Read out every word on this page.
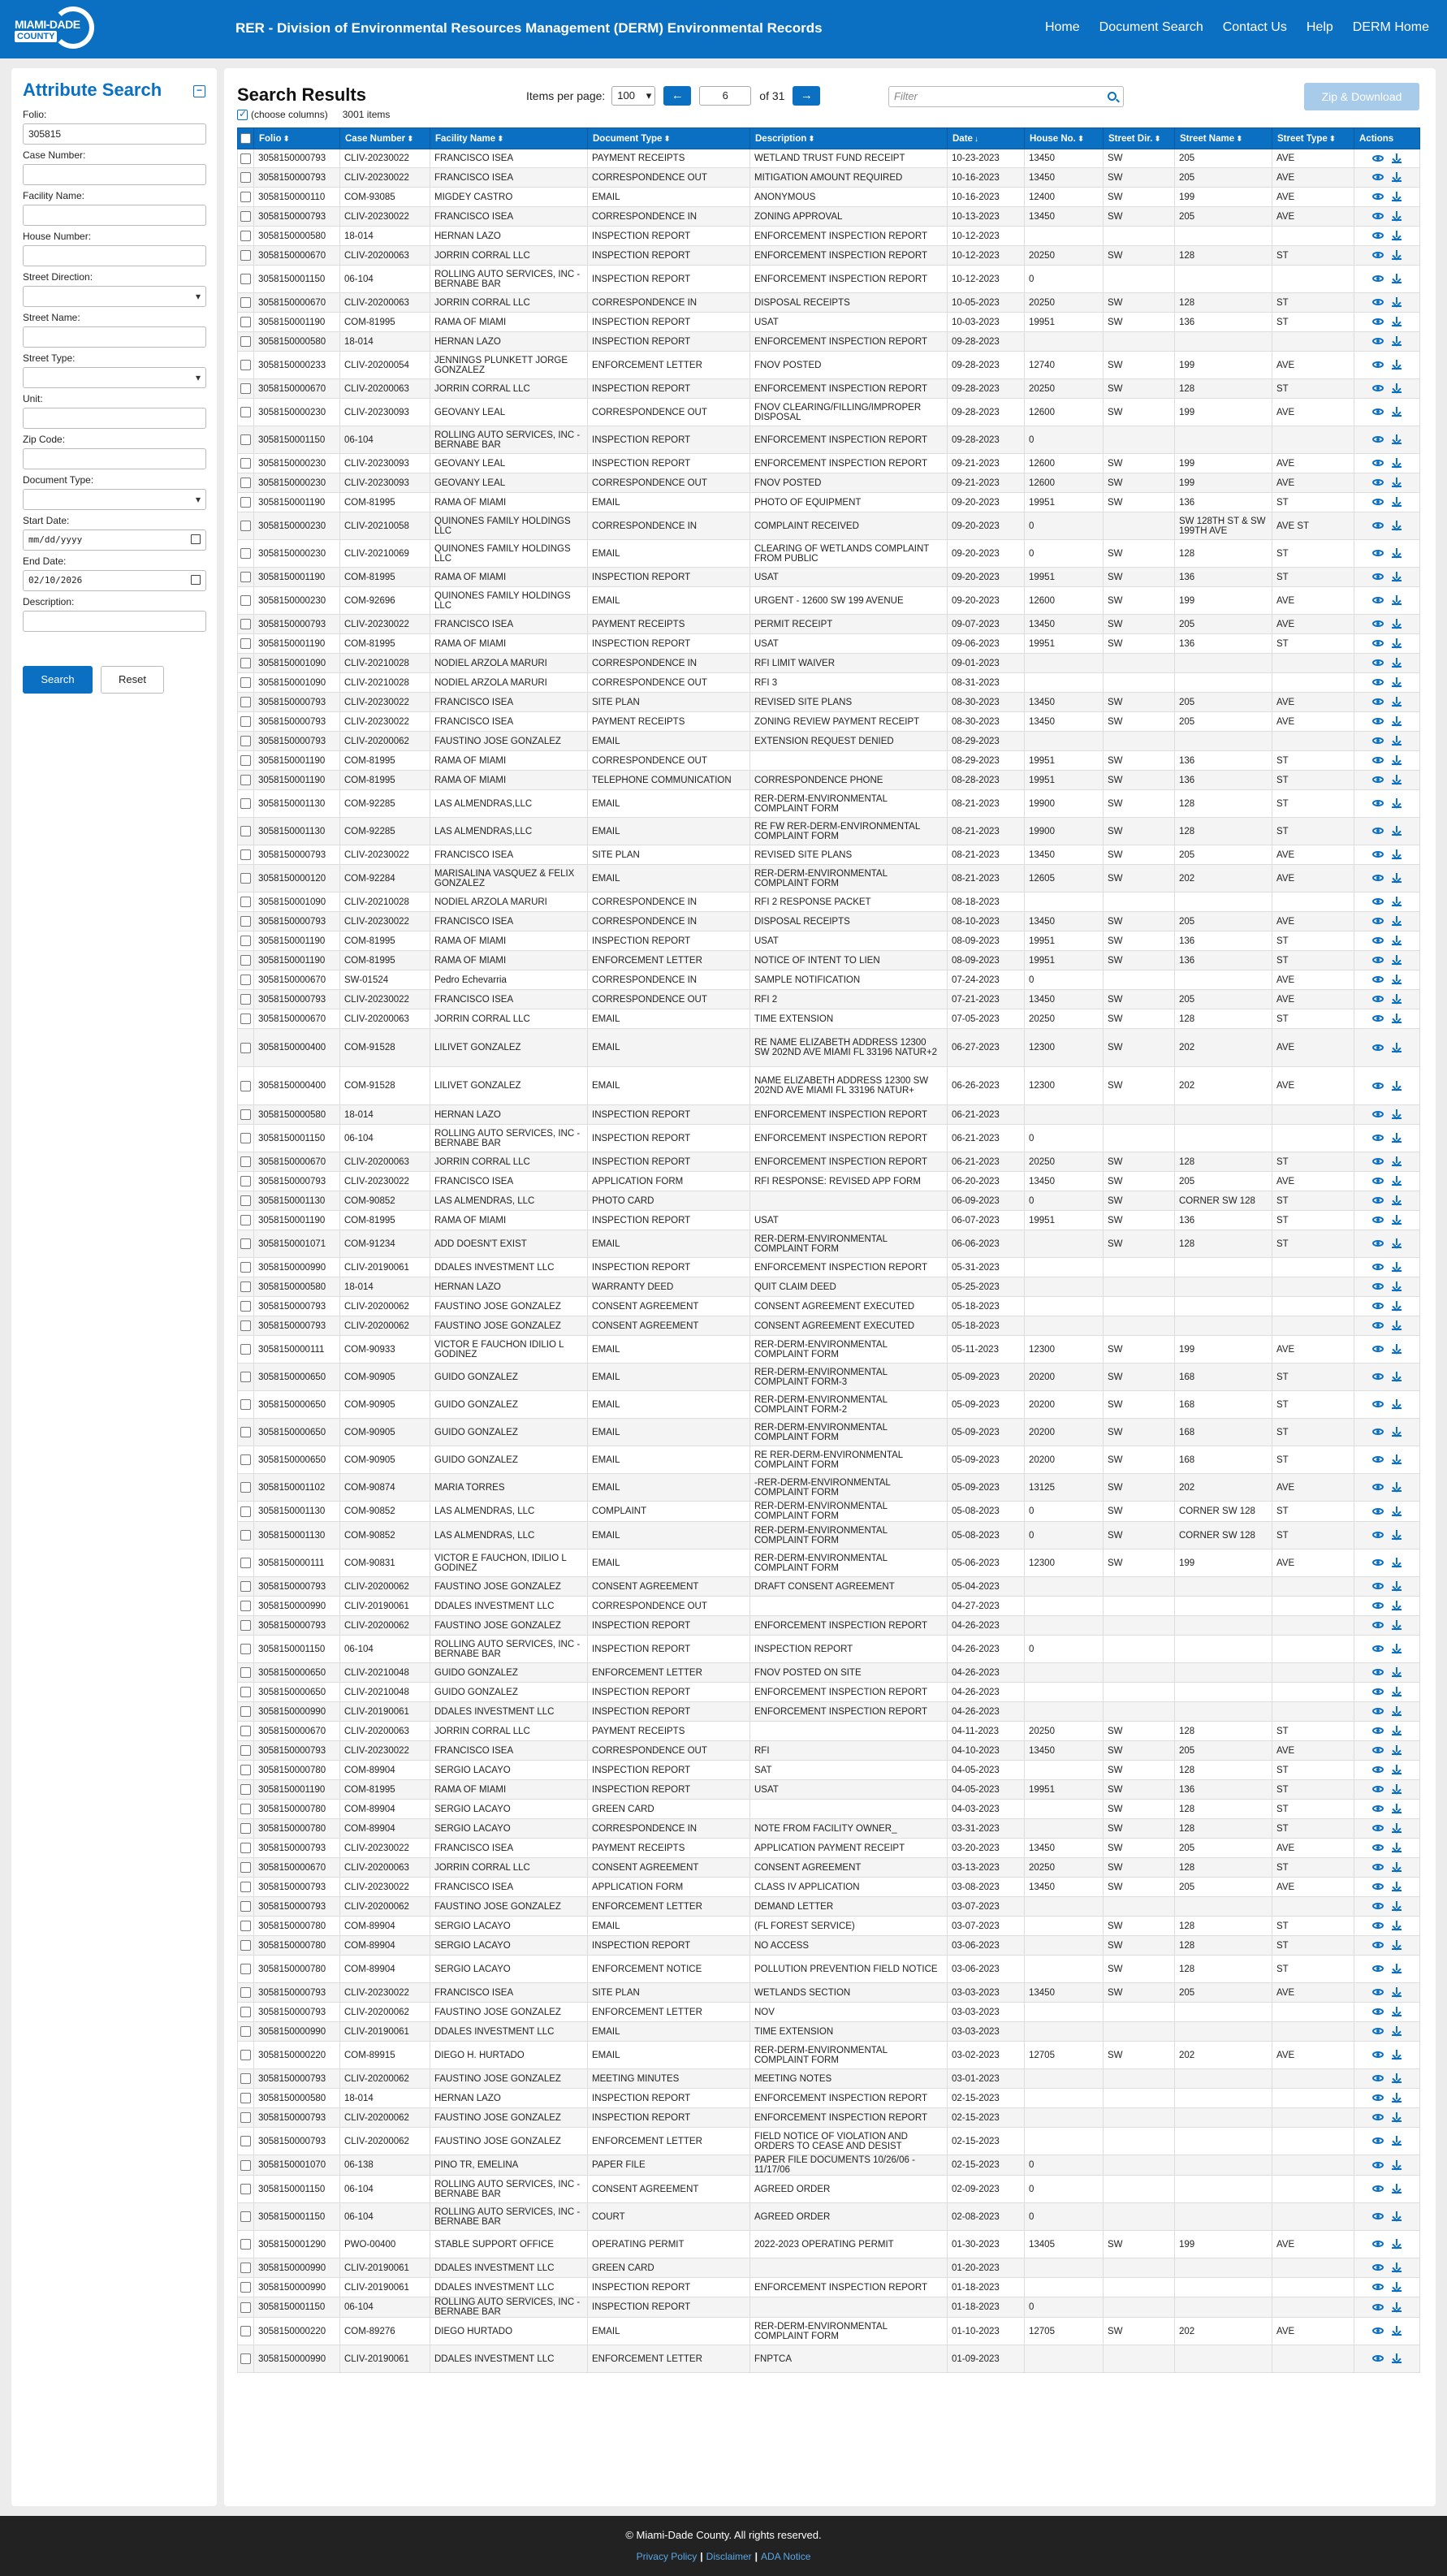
MIAMI-DADE
COUNTY
RER - Division of Environmental Resources Management (DERM) Environmental Records	Home Document Search Contact Us Help DERM Home
Attribute Search	−
Folio:
305815
Case Number:
Facility Name:
House Number:
Street Direction:
▾
Street Name:
Street Type:
▾
Unit:
Zip Code:
Document Type:
▾
Start Date:
mm/dd/yyyy
End Date:
02/10/2026
Description:
Search	Reset
Search Results
✓
(choose columns) 3001 items
Items per page:	100 ▾	←	6	of 31	→	Filter	Zip & Download
	Folio ⬍	Case Number ⬍	Facility Name ⬍	Document Type ⬍	Description ⬍	Date ↓	House No. ⬍	Street Dir. ⬍	Street Name ⬍	Street Type ⬍	Actions
	3058150000793	CLIV-20230022	FRANCISCO ISEA	PAYMENT RECEIPTS	WETLAND TRUST FUND RECEIPT	10-23-2023	13450	SW	205	AVE	

	3058150000793	CLIV-20230022	FRANCISCO ISEA	CORRESPONDENCE OUT	MITIGATION AMOUNT REQUIRED	10-16-2023	13450	SW	205	AVE	

	3058150000110	COM-93085	MIGDEY CASTRO	EMAIL	ANONYMOUS	10-16-2023	12400	SW	199	AVE	

	3058150000793	CLIV-20230022	FRANCISCO ISEA	CORRESPONDENCE IN	ZONING APPROVAL	10-13-2023	13450	SW	205	AVE	

	3058150000580	18-014	HERNAN LAZO	INSPECTION REPORT	ENFORCEMENT INSPECTION REPORT	10-12-2023					

	3058150000670	CLIV-20200063	JORRIN CORRAL LLC	INSPECTION REPORT	ENFORCEMENT INSPECTION REPORT	10-12-2023	20250	SW	128	ST	

	3058150001150	06-104	ROLLING AUTO SERVICES, INC - BERNABE BAR	INSPECTION REPORT	ENFORCEMENT INSPECTION REPORT	10-12-2023	0				

	3058150000670	CLIV-20200063	JORRIN CORRAL LLC	CORRESPONDENCE IN	DISPOSAL RECEIPTS	10-05-2023	20250	SW	128	ST	

	3058150001190	COM-81995	RAMA OF MIAMI	INSPECTION REPORT	USAT	10-03-2023	19951	SW	136	ST	

	3058150000580	18-014	HERNAN LAZO	INSPECTION REPORT	ENFORCEMENT INSPECTION REPORT	09-28-2023					

	3058150000233	CLIV-20200054	JENNINGS PLUNKETT JORGE GONZALEZ	ENFORCEMENT LETTER	FNOV POSTED	09-28-2023	12740	SW	199	AVE	

	3058150000670	CLIV-20200063	JORRIN CORRAL LLC	INSPECTION REPORT	ENFORCEMENT INSPECTION REPORT	09-28-2023	20250	SW	128	ST	

	3058150000230	CLIV-20230093	GEOVANY LEAL	CORRESPONDENCE OUT	FNOV CLEARING/FILLING/IMPROPER DISPOSAL	09-28-2023	12600	SW	199	AVE	

	3058150001150	06-104	ROLLING AUTO SERVICES, INC - BERNABE BAR	INSPECTION REPORT	ENFORCEMENT INSPECTION REPORT	09-28-2023	0				

	3058150000230	CLIV-20230093	GEOVANY LEAL	INSPECTION REPORT	ENFORCEMENT INSPECTION REPORT	09-21-2023	12600	SW	199	AVE	

	3058150000230	CLIV-20230093	GEOVANY LEAL	CORRESPONDENCE OUT	FNOV POSTED	09-21-2023	12600	SW	199	AVE	

	3058150001190	COM-81995	RAMA OF MIAMI	EMAIL	PHOTO OF EQUIPMENT	09-20-2023	19951	SW	136	ST	

	3058150000230	CLIV-20210058	QUINONES FAMILY HOLDINGS LLC	CORRESPONDENCE IN	COMPLAINT RECEIVED	09-20-2023	0		SW 128TH ST & SW 199TH AVE	AVE ST	

	3058150000230	CLIV-20210069	QUINONES FAMILY HOLDINGS LLC	EMAIL	CLEARING OF WETLANDS COMPLAINT FROM PUBLIC	09-20-2023	0	SW	128	ST	

	3058150001190	COM-81995	RAMA OF MIAMI	INSPECTION REPORT	USAT	09-20-2023	19951	SW	136	ST	

	3058150000230	COM-92696	QUINONES FAMILY HOLDINGS LLC	EMAIL	URGENT - 12600 SW 199 AVENUE	09-20-2023	12600	SW	199	AVE	

	3058150000793	CLIV-20230022	FRANCISCO ISEA	PAYMENT RECEIPTS	PERMIT RECEIPT	09-07-2023	13450	SW	205	AVE	

	3058150001190	COM-81995	RAMA OF MIAMI	INSPECTION REPORT	USAT	09-06-2023	19951	SW	136	ST	

	3058150001090	CLIV-20210028	NODIEL ARZOLA MARURI	CORRESPONDENCE IN	RFI LIMIT WAIVER	09-01-2023					

	3058150001090	CLIV-20210028	NODIEL ARZOLA MARURI	CORRESPONDENCE OUT	RFI 3	08-31-2023					

	3058150000793	CLIV-20230022	FRANCISCO ISEA	SITE PLAN	REVISED SITE PLANS	08-30-2023	13450	SW	205	AVE	

	3058150000793	CLIV-20230022	FRANCISCO ISEA	PAYMENT RECEIPTS	ZONING REVIEW PAYMENT RECEIPT	08-30-2023	13450	SW	205	AVE	

	3058150000793	CLIV-20200062	FAUSTINO JOSE GONZALEZ	EMAIL	EXTENSION REQUEST DENIED	08-29-2023					

	3058150001190	COM-81995	RAMA OF MIAMI	CORRESPONDENCE OUT		08-29-2023	19951	SW	136	ST	

	3058150001190	COM-81995	RAMA OF MIAMI	TELEPHONE COMMUNICATION	CORRESPONDENCE PHONE	08-28-2023	19951	SW	136	ST	

	3058150001130	COM-92285	LAS ALMENDRAS,LLC	EMAIL	RER-DERM-ENVIRONMENTAL COMPLAINT FORM	08-21-2023	19900	SW	128	ST	

	3058150001130	COM-92285	LAS ALMENDRAS,LLC	EMAIL	RE FW RER-DERM-ENVIRONMENTAL COMPLAINT FORM	08-21-2023	19900	SW	128	ST	

	3058150000793	CLIV-20230022	FRANCISCO ISEA	SITE PLAN	REVISED SITE PLANS	08-21-2023	13450	SW	205	AVE	

	3058150000120	COM-92284	MARISALINA VASQUEZ & FELIX GONZALEZ	EMAIL	RER-DERM-ENVIRONMENTAL COMPLAINT FORM	08-21-2023	12605	SW	202	AVE	

	3058150001090	CLIV-20210028	NODIEL ARZOLA MARURI	CORRESPONDENCE IN	RFI 2 RESPONSE PACKET	08-18-2023					

	3058150000793	CLIV-20230022	FRANCISCO ISEA	CORRESPONDENCE IN	DISPOSAL RECEIPTS	08-10-2023	13450	SW	205	AVE	

	3058150001190	COM-81995	RAMA OF MIAMI	INSPECTION REPORT	USAT	08-09-2023	19951	SW	136	ST	

	3058150001190	COM-81995	RAMA OF MIAMI	ENFORCEMENT LETTER	NOTICE OF INTENT TO LIEN	08-09-2023	19951	SW	136	ST	

	3058150000670	SW-01524	Pedro Echevarria	CORRESPONDENCE IN	SAMPLE NOTIFICATION	07-24-2023	0			AVE	

	3058150000793	CLIV-20230022	FRANCISCO ISEA	CORRESPONDENCE OUT	RFI 2	07-21-2023	13450	SW	205	AVE	

	3058150000670	CLIV-20200063	JORRIN CORRAL LLC	EMAIL	TIME EXTENSION	07-05-2023	20250	SW	128	ST	

	3058150000400	COM-91528	LILIVET GONZALEZ	EMAIL	RE NAME ELIZABETH ADDRESS 12300 SW 202ND AVE MIAMI FL 33196 NATUR+2	06-27-2023	12300	SW	202	AVE	

	3058150000400	COM-91528	LILIVET GONZALEZ	EMAIL	NAME ELIZABETH ADDRESS 12300 SW 202ND AVE MIAMI FL 33196 NATUR+	06-26-2023	12300	SW	202	AVE	

	3058150000580	18-014	HERNAN LAZO	INSPECTION REPORT	ENFORCEMENT INSPECTION REPORT	06-21-2023					

	3058150001150	06-104	ROLLING AUTO SERVICES, INC - BERNABE BAR	INSPECTION REPORT	ENFORCEMENT INSPECTION REPORT	06-21-2023	0				

	3058150000670	CLIV-20200063	JORRIN CORRAL LLC	INSPECTION REPORT	ENFORCEMENT INSPECTION REPORT	06-21-2023	20250	SW	128	ST	

	3058150000793	CLIV-20230022	FRANCISCO ISEA	APPLICATION FORM	RFI RESPONSE: REVISED APP FORM	06-20-2023	13450	SW	205	AVE	

	3058150001130	COM-90852	LAS ALMENDRAS, LLC	PHOTO CARD		06-09-2023	0	SW	CORNER SW 128	ST	

	3058150001190	COM-81995	RAMA OF MIAMI	INSPECTION REPORT	USAT	06-07-2023	19951	SW	136	ST	

	3058150001071	COM-91234	ADD DOESN'T EXIST	EMAIL	RER-DERM-ENVIRONMENTAL COMPLAINT FORM	06-06-2023		SW	128	ST	

	3058150000990	CLIV-20190061	DDALES INVESTMENT LLC	INSPECTION REPORT	ENFORCEMENT INSPECTION REPORT	05-31-2023					

	3058150000580	18-014	HERNAN LAZO	WARRANTY DEED	QUIT CLAIM DEED	05-25-2023					

	3058150000793	CLIV-20200062	FAUSTINO JOSE GONZALEZ	CONSENT AGREEMENT	CONSENT AGREEMENT EXECUTED	05-18-2023					

	3058150000793	CLIV-20200062	FAUSTINO JOSE GONZALEZ	CONSENT AGREEMENT	CONSENT AGREEMENT EXECUTED	05-18-2023					

	3058150000111	COM-90933	VICTOR E FAUCHON IDILIO L GODINEZ	EMAIL	RER-DERM-ENVIRONMENTAL COMPLAINT FORM	05-11-2023	12300	SW	199	AVE	

	3058150000650	COM-90905	GUIDO GONZALEZ	EMAIL	RER-DERM-ENVIRONMENTAL COMPLAINT FORM-3	05-09-2023	20200	SW	168	ST	

	3058150000650	COM-90905	GUIDO GONZALEZ	EMAIL	RER-DERM-ENVIRONMENTAL COMPLAINT FORM-2	05-09-2023	20200	SW	168	ST	

	3058150000650	COM-90905	GUIDO GONZALEZ	EMAIL	RER-DERM-ENVIRONMENTAL COMPLAINT FORM	05-09-2023	20200	SW	168	ST	

	3058150000650	COM-90905	GUIDO GONZALEZ	EMAIL	RE RER-DERM-ENVIRONMENTAL COMPLAINT FORM	05-09-2023	20200	SW	168	ST	

	3058150001102	COM-90874	MARIA TORRES	EMAIL	-RER-DERM-ENVIRONMENTAL COMPLAINT FORM	05-09-2023	13125	SW	202	AVE	

	3058150001130	COM-90852	LAS ALMENDRAS, LLC	COMPLAINT	RER-DERM-ENVIRONMENTAL COMPLAINT FORM	05-08-2023	0	SW	CORNER SW 128	ST	

	3058150001130	COM-90852	LAS ALMENDRAS, LLC	EMAIL	RER-DERM-ENVIRONMENTAL COMPLAINT FORM	05-08-2023	0	SW	CORNER SW 128	ST	

	3058150000111	COM-90831	VICTOR E FAUCHON, IDILIO L GODINEZ	EMAIL	RER-DERM-ENVIRONMENTAL COMPLAINT FORM	05-06-2023	12300	SW	199	AVE	

	3058150000793	CLIV-20200062	FAUSTINO JOSE GONZALEZ	CONSENT AGREEMENT	DRAFT CONSENT AGREEMENT	05-04-2023					

	3058150000990	CLIV-20190061	DDALES INVESTMENT LLC	CORRESPONDENCE OUT		04-27-2023					

	3058150000793	CLIV-20200062	FAUSTINO JOSE GONZALEZ	INSPECTION REPORT	ENFORCEMENT INSPECTION REPORT	04-26-2023					

	3058150001150	06-104	ROLLING AUTO SERVICES, INC - BERNABE BAR	INSPECTION REPORT	INSPECTION REPORT	04-26-2023	0				

	3058150000650	CLIV-20210048	GUIDO GONZALEZ	ENFORCEMENT LETTER	FNOV POSTED ON SITE	04-26-2023					

	3058150000650	CLIV-20210048	GUIDO GONZALEZ	INSPECTION REPORT	ENFORCEMENT INSPECTION REPORT	04-26-2023					

	3058150000990	CLIV-20190061	DDALES INVESTMENT LLC	INSPECTION REPORT	ENFORCEMENT INSPECTION REPORT	04-26-2023					

	3058150000670	CLIV-20200063	JORRIN CORRAL LLC	PAYMENT RECEIPTS		04-11-2023	20250	SW	128	ST	

	3058150000793	CLIV-20230022	FRANCISCO ISEA	CORRESPONDENCE OUT	RFI	04-10-2023	13450	SW	205	AVE	

	3058150000780	COM-89904	SERGIO LACAYO	INSPECTION REPORT	SAT	04-05-2023		SW	128	ST	

	3058150001190	COM-81995	RAMA OF MIAMI	INSPECTION REPORT	USAT	04-05-2023	19951	SW	136	ST	

	3058150000780	COM-89904	SERGIO LACAYO	GREEN CARD		04-03-2023		SW	128	ST	

	3058150000780	COM-89904	SERGIO LACAYO	CORRESPONDENCE IN	NOTE FROM FACILITY OWNER_	03-31-2023		SW	128	ST	

	3058150000793	CLIV-20230022	FRANCISCO ISEA	PAYMENT RECEIPTS	APPLICATION PAYMENT RECEIPT	03-20-2023	13450	SW	205	AVE	

	3058150000670	CLIV-20200063	JORRIN CORRAL LLC	CONSENT AGREEMENT	CONSENT AGREEMENT	03-13-2023	20250	SW	128	ST	

	3058150000793	CLIV-20230022	FRANCISCO ISEA	APPLICATION FORM	CLASS IV APPLICATION	03-08-2023	13450	SW	205	AVE	

	3058150000793	CLIV-20200062	FAUSTINO JOSE GONZALEZ	ENFORCEMENT LETTER	DEMAND LETTER	03-07-2023					

	3058150000780	COM-89904	SERGIO LACAYO	EMAIL	(FL FOREST SERVICE)	03-07-2023		SW	128	ST	

	3058150000780	COM-89904	SERGIO LACAYO	INSPECTION REPORT	NO ACCESS	03-06-2023		SW	128	ST	

	3058150000780	COM-89904	SERGIO LACAYO	ENFORCEMENT NOTICE	POLLUTION PREVENTION FIELD NOTICE	03-06-2023		SW	128	ST	

	3058150000793	CLIV-20230022	FRANCISCO ISEA	SITE PLAN	WETLANDS SECTION	03-03-2023	13450	SW	205	AVE	

	3058150000793	CLIV-20200062	FAUSTINO JOSE GONZALEZ	ENFORCEMENT LETTER	NOV	03-03-2023					

	3058150000990	CLIV-20190061	DDALES INVESTMENT LLC	EMAIL	TIME EXTENSION	03-03-2023					

	3058150000220	COM-89915	DIEGO H. HURTADO	EMAIL	RER-DERM-ENVIRONMENTAL COMPLAINT FORM	03-02-2023	12705	SW	202	AVE	

	3058150000793	CLIV-20200062	FAUSTINO JOSE GONZALEZ	MEETING MINUTES	MEETING NOTES	03-01-2023					

	3058150000580	18-014	HERNAN LAZO	INSPECTION REPORT	ENFORCEMENT INSPECTION REPORT	02-15-2023					

	3058150000793	CLIV-20200062	FAUSTINO JOSE GONZALEZ	INSPECTION REPORT	ENFORCEMENT INSPECTION REPORT	02-15-2023					

	3058150000793	CLIV-20200062	FAUSTINO JOSE GONZALEZ	ENFORCEMENT LETTER	FIELD NOTICE OF VIOLATION AND ORDERS TO CEASE AND DESIST	02-15-2023					

	3058150001070	06-138	PINO TR, EMELINA	PAPER FILE	PAPER FILE DOCUMENTS 10/26/06 - 11/17/06	02-15-2023	0				

	3058150001150	06-104	ROLLING AUTO SERVICES, INC - BERNABE BAR	CONSENT AGREEMENT	AGREED ORDER	02-09-2023	0				

	3058150001150	06-104	ROLLING AUTO SERVICES, INC - BERNABE BAR	COURT	AGREED ORDER	02-08-2023	0				

	3058150001290	PWO-00400	STABLE SUPPORT OFFICE	OPERATING PERMIT	2022-2023 OPERATING PERMIT	01-30-2023	13405	SW	199	AVE	

	3058150000990	CLIV-20190061	DDALES INVESTMENT LLC	GREEN CARD		01-20-2023					

	3058150000990	CLIV-20190061	DDALES INVESTMENT LLC	INSPECTION REPORT	ENFORCEMENT INSPECTION REPORT	01-18-2023					

	3058150001150	06-104	ROLLING AUTO SERVICES, INC - BERNABE BAR	INSPECTION REPORT		01-18-2023	0				

	3058150000220	COM-89276	DIEGO HURTADO	EMAIL	RER-DERM-ENVIRONMENTAL COMPLAINT FORM	01-10-2023	12705	SW	202	AVE	

	3058150000990	CLIV-20190061	DDALES INVESTMENT LLC	ENFORCEMENT LETTER	FNPTCA	01-09-2023					
© Miami-Dade County. All rights reserved.
Privacy Policy | Disclaimer | ADA Notice
